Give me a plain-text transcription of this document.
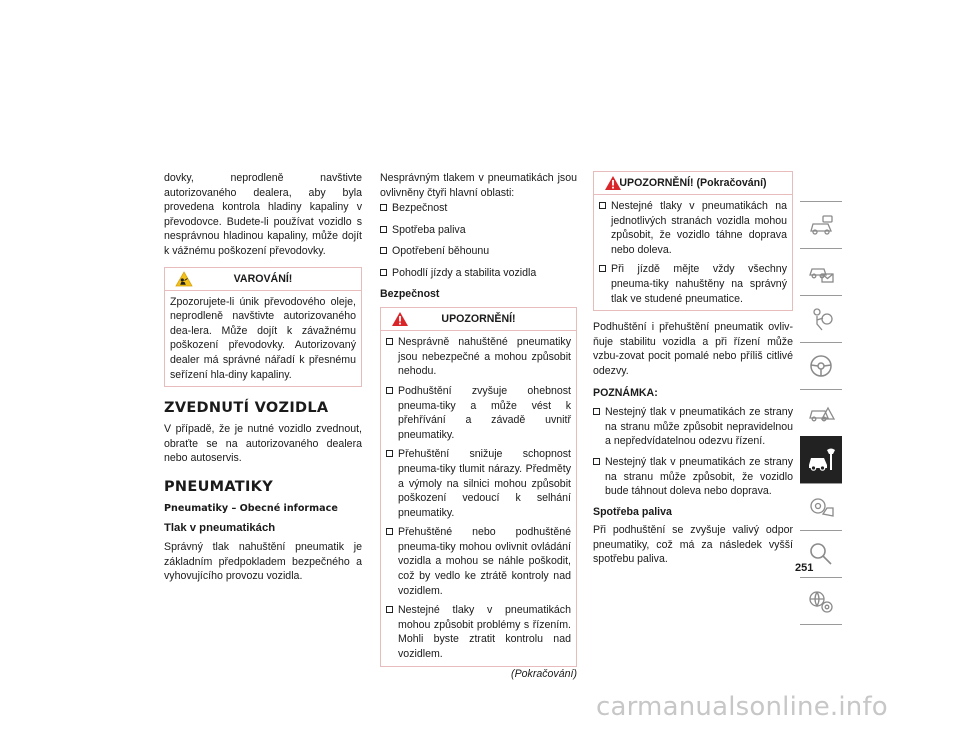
dovky, neprodleně navštivte autorizovaného dealera, aby byla provedena kontrola hladiny kapaliny v převodovce. Budete-li používat vozidlo s nesprávnou hladinou kapaliny, může dojít k vážnému poškození převodovky.

VAROVÁNÍ!

Zpozorujete-li únik převodového oleje, neprodleně navštivte autorizovaného dea-lera. Může dojít k závažnému poškození převodovky. Autorizovaný dealer má správné nářadí k přesnému seřízení hla-diny kapaliny.

ZVEDNUTÍ VOZIDLA

V případě, že je nutné vozidlo zvednout, obraťte se na autorizovaného dealera nebo autoservis.

PNEUMATIKY
Pneumatiky – Obecné informace
Tlak v pneumatikách

Správný tlak nahuštění pneumatik je základním předpokladem bezpečného a vyhovujícího provozu vozidla.

Nesprávným tlakem v pneumatikách jsou ovlivněny čtyři hlavní oblasti:

Bezpečnost
Spotřeba paliva
Opotřebení běhounu
Pohodlí jízdy a stabilita vozidla

Bezpečnost

UPOZORNĚNÍ!
Nesprávně nahuštěné pneumatiky jsou nebezpečné a mohou způsobit nehodu.
Podhuštění zvyšuje ohebnost pneuma-tiky a může vést k přehřívání a závadě uvnitř pneumatiky.
Přehuštění snižuje schopnost pneuma-tiky tlumit nárazy. Předměty a výmoly na silnici mohou způsobit poškození vedoucí k selhání pneumatiky.
Přehuštěné nebo podhuštěné pneuma-tiky mohou ovlivnit ovládání vozidla a mohou se náhle poškodit, což by vedlo ke ztrátě kontroly nad vozidlem.
Nestejné tlaky v pneumatikách mohou způsobit problémy s řízením. Mohli byste ztratit kontrolu nad vozidlem.
(Pokračování)
UPOZORNĚNÍ! (Pokračování)
Nestejné tlaky v pneumatikách na jednotlivých stranách vozidla mohou způsobit, že vozidlo táhne doprava nebo doleva.
Při jízdě mějte vždy všechny pneuma-tiky nahuštěny na správný tlak ve studené pneumatice.

Podhuštění i přehuštění pneumatik ovliv-ňuje stabilitu vozidla a při řízení může vzbu-zovat pocit pomalé nebo příliš citlivé odezvy.

POZNÁMKA:

Nestejný tlak v pneumatikách ze strany na stranu může způsobit nepravidelnou a nepředvídatelnou odezvu řízení.
Nestejný tlak v pneumatikách ze strany na stranu může způsobit, že vozidlo bude táhnout doleva nebo doprava.

Spotřeba paliva

Při podhuštění se zvyšuje valivý odpor pneumatiky, což má za následek vyšší spotřebu paliva.

251
carmanualsonline.info
